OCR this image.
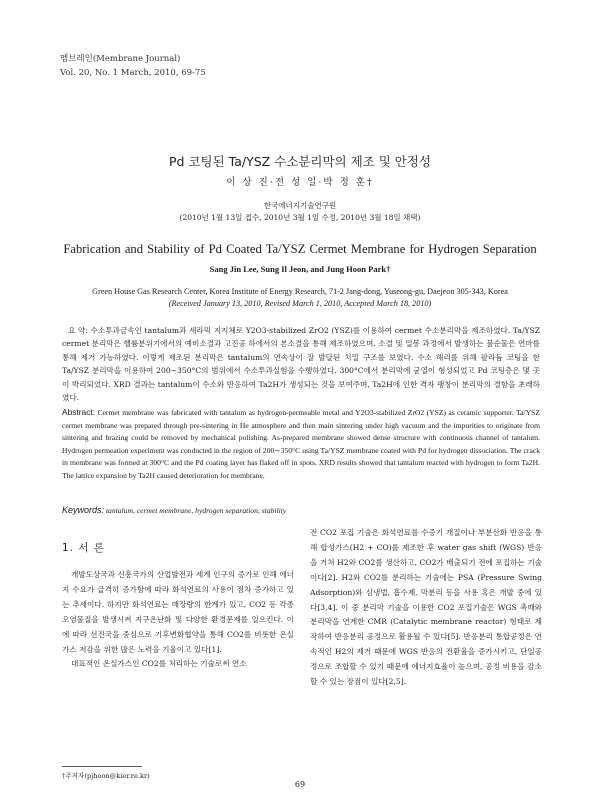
멤브레인(Membrane Journal)
Vol. 20, No. 1 March, 2010, 69-75
Pd 코팅된 Ta/YSZ 수소분리막의 제조 및 안정성
이 상 진·전 성 일·박 정 훈†
한국에너지기술연구원
(2010년 1월 13일 접수, 2010년 3월 1일 수정, 2010년 3월 18일 채택)
Fabrication and Stability of Pd Coated Ta/YSZ Cermet Membrane for Hydrogen Separation
Sang Jin Lee, Sung Il Jeon, and Jung Hoon Park†
Green House Gas Research Center, Korea Institute of Energy Research, 71-2 Jang-dong, Yuseong-gu, Daejeon 305-343, Korea
(Received January 13, 2010, Revised March 1, 2010, Accepted March 18, 2010)
요 약: 수소투과금속인 tantalum과 세라믹 지지체로 Y2O3-stabilized ZrO2 (YSZ)를 이용하여 cermet 수소분리막을 제조하였다. Ta/YSZ cermet 분리막은 헬륨분위기에서의 예비소결과 고진공 하에서의 본소결을 통해 제조하였으며, 소결 및 밀봉 과정에서 발생하는 불순물은 연마를 통해 제거 가능하였다. 이렇게 제조된 분리막은 tantalum의 연속상이 잘 발달된 치밀 구조를 보였다. 수소 해리를 위해 팔라듐 코팅을 한 Ta/YSZ 분리막을 이용하여 200∼350°C의 범위에서 수소투과실험을 수행하였다. 300°C에서 분리막에 균열이 형성되었고 Pd 코팅층은 몇 곳이 박리되었다. XRD 결과는 tantalum이 수소와 반응하여 Ta2H가 생성되는 것을 보여주며, Ta2H에 인한 격자 팽창이 분리막의 결함을 초래하였다.
Abstract: Cermet membrane was fabricated with tantalum as hydrogen-permeable metal and Y2O3-stabilized ZrO2 (YSZ) as ceramic supporter. Ta/YSZ cermet membrane was prepared through pre-sintering in He atmosphere and then main sintering under high vacuum and the impurities to originate from sintering and brazing could be removed by mechanical polishing. As-prepared membrane showed dense structure with continuous channel of tantalum. Hydrogen permeation experiment was conducted in the region of 200∼350°C using Ta/YSZ membrane coated with Pd for hydrogen dissociation. The crack in membrane was formed at 300°C and the Pd coating layer has flaked off in spots. XRD results showed that tantalum reacted with hydrogen to form Ta2H. The lattice expansion by Ta2H caused deterioration for membrane.
Keywords: tantalum, cermet membrane, hydrogen separation, stability
1. 서 론

개발도상국과 신흥국가의 산업발전과 세계 인구의 증가로 인해 에너지 수요가 급격히 증가함에 따라 화석연료의 사용이 점차 증가하고 있는 추세이다. 하지만 화석연료는 매장량의 한계가 있고, CO2 등 각종 오염물질을 발생시켜 지구온난화 및 다양한 환경문제를 일으킨다. 이에 따라 선진국을 중심으로 기후변화협약을 통해 CO2를 비롯한 온실가스 저감을 위한 많은 노력을 기울이고 있다[1].

대표적인 온실가스인 CO2를 처리하는 기술로써 연소

전 CO2 포집 기술은 화석연료를 수증기 개질이나 부분산화 반응을 통해 합성가스(H2 + CO)를 제조한 후 water gas shift (WGS) 반응을 거쳐 H2와 CO2를 생산하고, CO2가 배출되기 전에 포집하는 기술이다[2]. H2와 CO2를 분리하는 기술에는 PSA (Pressure Swing Adsorption)와 심냉법, 흡수제, 막분리 등을 사용 혹은 개발 중에 있다[3,4]. 이 중 분리막 기술을 이용한 CO2 포집기술은 WGS 촉매와 분리막을 연계한 CMR (Catalytic membrane reactor) 형태로 제작하여 반응분리 공정으로 활용될 수 있다[5]. 반응분리 통합공정은 연속적인 H2의 제거 때문에 WGS 반응의 전환율을 증가시키고, 단일공정으로 조합할 수 있기 때문에 에너지효율이 높으며, 공정 비용을 감소할 수 있는 장점이 있다[2,5].

†주저자(pjhoon@kier.re.kr)
69
